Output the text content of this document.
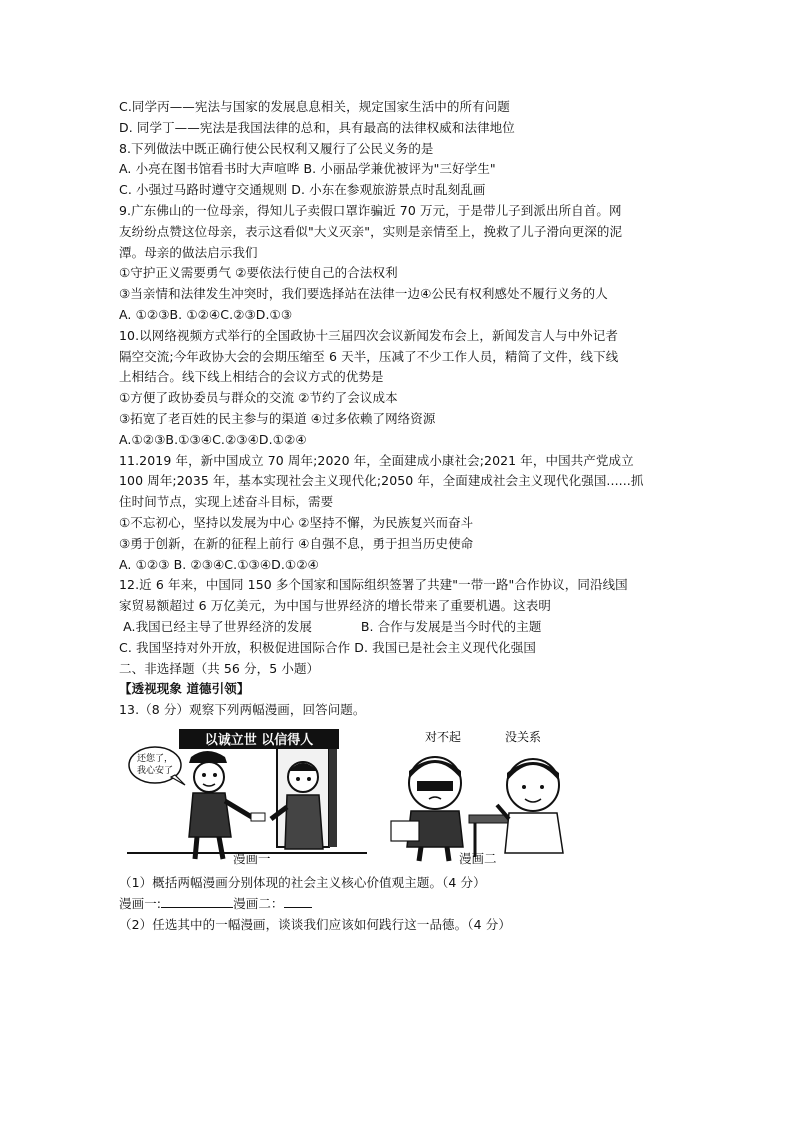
C.同学丙——宪法与国家的发展息息相关，规定国家生活中的所有问题
D. 同学丁——宪法是我国法律的总和，具有最高的法律权威和法律地位
8.下列做法中既正确行使公民权利又履行了公民义务的是
A. 小亮在图书馆看书时大声喧哗 B. 小丽品学兼优被评为"三好学生"
C. 小强过马路时遵守交通规则 D. 小东在参观旅游景点时乱刻乱画
9.广东佛山的一位母亲，得知儿子卖假口罩诈骗近 70 万元，于是带儿子到派出所自首。网
友纷纷点赞这位母亲，表示这看似"大义灭亲"，实则是亲情至上，挽救了儿子滑向更深的泥
潭。母亲的做法启示我们
①守护正义需要勇气 ②要依法行使自己的合法权利
③当亲情和法律发生冲突时，我们要选择站在法律一边④公民有权利感处不履行义务的人
A. ①②③B. ①②④C.②③D.①③
10.以网络视频方式举行的全国政协十三届四次会议新闻发布会上，新闻发言人与中外记者
隔空交流;今年政协大会的会期压缩至 6 天半，压减了不少工作人员，精简了文件，线下线
上相结合。线下线上相结合的会议方式的优势是
①方便了政协委员与群众的交流 ②节约了会议成本
③拓宽了老百姓的民主参与的渠道 ④过多依赖了网络资源
A.①②③B.①③④C.②③④D.①②④
11.2019 年，新中国成立 70 周年;2020 年，全面建成小康社会;2021 年，中国共产党成立
100 周年;2035 年，基本实现社会主义现代化;2050 年，全面建成社会主义现代化强国......抓
住时间节点，实现上述奋斗目标，需要
①不忘初心，坚持以发展为中心 ②坚持不懈，为民族复兴而奋斗
③勇于创新，在新的征程上前行 ④自强不息，勇于担当历史使命
A. ①②③ B. ②③④C.①③④D.①②④
12.近 6 年来，中国同 150 多个国家和国际组织签署了共建"一带一路"合作协议，同沿线国
家贸易额超过 6 万亿美元，为中国与世界经济的增长带来了重要机遇。这表明
A.我国已经主导了世界经济的发展            B. 合作与发展是当今时代的主题
C. 我国坚持对外开放，积极促进国际合作 D. 我国已是社会主义现代化强国
二、非选择题（共 56 分，5 小题）
【透视现象 道德引领】
13.（8 分）观察下列两幅漫画，回答问题。
以诚立世 以信得人
还您了，
我心安了
对不起	没关系
漫画一	漫画二
（1）概括两幅漫画分别体现的社会主义核心价值观主题。（4 分）
漫画一:	漫画二：
（2）任选其中的一幅漫画，谈谈我们应该如何践行这一品德。（4 分）
